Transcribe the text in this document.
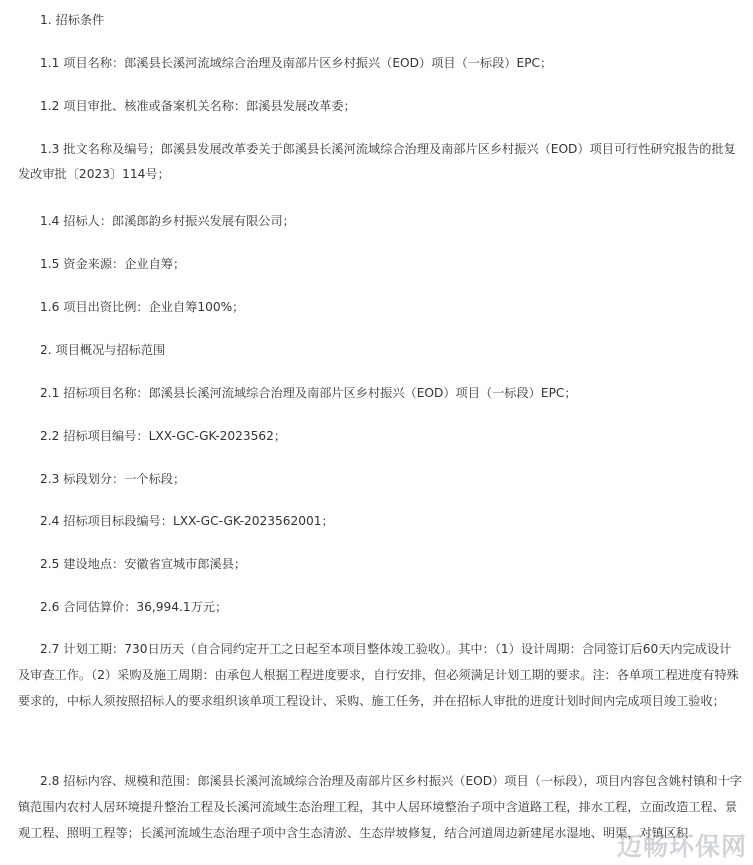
1. 招标条件

1.1 项目名称：郎溪县长溪河流域综合治理及南部片区乡村振兴（EOD）项目（一标段）EPC；

1.2 项目审批、核准或备案机关名称：郎溪县发展改革委；

1.3 批文名称及编号；郎溪县发展改革委关于郎溪县长溪河流域综合治理及南部片区乡村振兴（EOD）项目可行性研究报告的批复 发改审批〔2023〕114号；

1.4 招标人：郎溪郎韵乡村振兴发展有限公司；

1.5 资金来源：企业自筹；

1.6 项目出资比例：企业自筹100%；

2. 项目概况与招标范围

2.1 招标项目名称：郎溪县长溪河流域综合治理及南部片区乡村振兴（EOD）项目（一标段）EPC；

2.2 招标项目编号：LXX-GC-GK-2023562；

2.3 标段划分：一个标段；

2.4 招标项目标段编号：LXX-GC-GK-2023562001；

2.5 建设地点：安徽省宣城市郎溪县；

2.6 合同估算价：36,994.1万元；

2.7 计划工期：730日历天（自合同约定开工之日起至本项目整体竣工验收）。其中：（1）设计周期：合同签订后60天内完成设计及审查工作。（2）采购及施工周期：由承包人根据工程进度要求，自行安排，但必须满足计划工期的要求。注：各单项工程进度有特殊要求的，中标人须按照招标人的要求组织该单项工程设计、采购、施工任务，并在招标人审批的进度计划时间内完成项目竣工验收；

2.8 招标内容、规模和范围：郎溪县长溪河流域综合治理及南部片区乡村振兴（EOD）项目（一标段），项目内容包含姚村镇和十字镇范围内农村人居环境提升整治工程及长溪河流域生态治理工程，其中人居环境整治子项中含道路工程，排水工程，立面改造工程、景观工程、照明工程等；长溪河流域生态治理子项中含生态清淤、生态岸坡修复，结合河道周边新建尾水湿地、明渠，对镇区积

迈畅环保网
